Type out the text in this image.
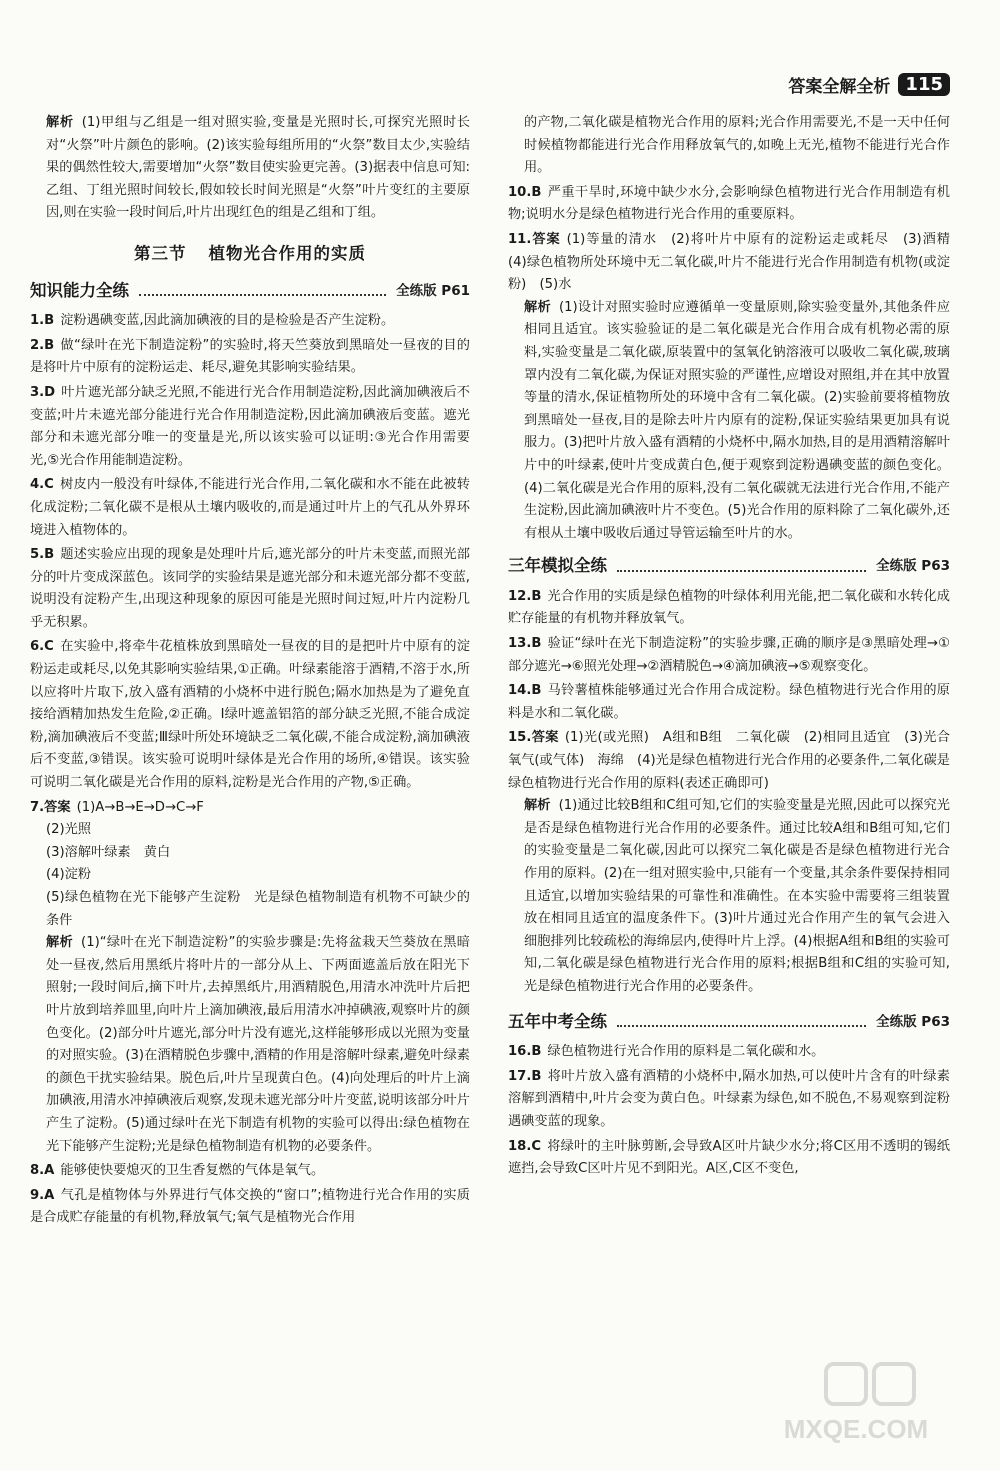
答案全解全析 115

解析 (1)甲组与乙组是一组对照实验,变量是光照时长,可探究光照时长对“火祭”叶片颜色的影响。(2)该实验每组所用的“火祭”数目太少,实验结果的偶然性较大,需要增加“火祭”数目使实验更完善。(3)据表中信息可知:乙组、丁组光照时间较长,假如较长时间光照是“火祭”叶片变红的主要原因,则在实验一段时间后,叶片出现红色的组是乙组和丁组。

第三节 植物光合作用的实质
知识能力全练	全练版 P61

1.B 淀粉遇碘变蓝,因此滴加碘液的目的是检验是否产生淀粉。

2.B 做“绿叶在光下制造淀粉”的实验时,将天竺葵放到黑暗处一昼夜的目的是将叶片中原有的淀粉运走、耗尽,避免其影响实验结果。

3.D 叶片遮光部分缺乏光照,不能进行光合作用制造淀粉,因此滴加碘液后不变蓝;叶片未遮光部分能进行光合作用制造淀粉,因此滴加碘液后变蓝。遮光部分和未遮光部分唯一的变量是光,所以该实验可以证明:③光合作用需要光,⑤光合作用能制造淀粉。

4.C 树皮内一般没有叶绿体,不能进行光合作用,二氧化碳和水不能在此被转化成淀粉;二氧化碳不是根从土壤内吸收的,而是通过叶片上的气孔从外界环境进入植物体的。

5.B 题述实验应出现的现象是处理叶片后,遮光部分的叶片未变蓝,而照光部分的叶片变成深蓝色。该同学的实验结果是遮光部分和未遮光部分都不变蓝,说明没有淀粉产生,出现这种现象的原因可能是光照时间过短,叶片内淀粉几乎无积累。

6.C 在实验中,将牵牛花植株放到黑暗处一昼夜的目的是把叶片中原有的淀粉运走或耗尽,以免其影响实验结果,①正确。叶绿素能溶于酒精,不溶于水,所以应将叶片取下,放入盛有酒精的小烧杯中进行脱色;隔水加热是为了避免直接给酒精加热发生危险,②正确。Ⅰ绿叶遮盖铝箔的部分缺乏光照,不能合成淀粉,滴加碘液后不变蓝;Ⅲ绿叶所处环境缺乏二氧化碳,不能合成淀粉,滴加碘液后不变蓝,③错误。该实验可说明叶绿体是光合作用的场所,④错误。该实验可说明二氧化碳是光合作用的原料,淀粉是光合作用的产物,⑤正确。

7.答案 (1)A→B→E→D→C→F

(2)光照

(3)溶解叶绿素　黄白

(4)淀粉

(5)绿色植物在光下能够产生淀粉　光是绿色植物制造有机物不可缺少的条件

解析 (1)“绿叶在光下制造淀粉”的实验步骤是:先将盆栽天竺葵放在黑暗处一昼夜,然后用黑纸片将叶片的一部分从上、下两面遮盖后放在阳光下照射;一段时间后,摘下叶片,去掉黑纸片,用酒精脱色,用清水冲洗叶片后把叶片放到培养皿里,向叶片上滴加碘液,最后用清水冲掉碘液,观察叶片的颜色变化。(2)部分叶片遮光,部分叶片没有遮光,这样能够形成以光照为变量的对照实验。(3)在酒精脱色步骤中,酒精的作用是溶解叶绿素,避免叶绿素的颜色干扰实验结果。脱色后,叶片呈现黄白色。(4)向处理后的叶片上滴加碘液,用清水冲掉碘液后观察,发现未遮光部分叶片变蓝,说明该部分叶片产生了淀粉。(5)通过绿叶在光下制造有机物的实验可以得出:绿色植物在光下能够产生淀粉;光是绿色植物制造有机物的必要条件。

8.A 能够使快要熄灭的卫生香复燃的气体是氧气。

9.A 气孔是植物体与外界进行气体交换的“窗口”;植物进行光合作用的实质是合成贮存能量的有机物,释放氧气;氧气是植物光合作用

的产物,二氧化碳是植物光合作用的原料;光合作用需要光,不是一天中任何时候植物都能进行光合作用释放氧气的,如晚上无光,植物不能进行光合作用。

10.B 严重干旱时,环境中缺少水分,会影响绿色植物进行光合作用制造有机物;说明水分是绿色植物进行光合作用的重要原料。

11.答案 (1)等量的清水　(2)将叶片中原有的淀粉运走或耗尽　(3)酒精　(4)绿色植物所处环境中无二氧化碳,叶片不能进行光合作用制造有机物(或淀粉)　(5)水

解析 (1)设计对照实验时应遵循单一变量原则,除实验变量外,其他条件应相同且适宜。该实验验证的是二氧化碳是光合作用合成有机物必需的原料,实验变量是二氧化碳,原装置中的氢氧化钠溶液可以吸收二氧化碳,玻璃罩内没有二氧化碳,为保证对照实验的严谨性,应增设对照组,并在其中放置等量的清水,保证植物所处的环境中含有二氧化碳。(2)实验前要将植物放到黑暗处一昼夜,目的是除去叶片内原有的淀粉,保证实验结果更加具有说服力。(3)把叶片放入盛有酒精的小烧杯中,隔水加热,目的是用酒精溶解叶片中的叶绿素,使叶片变成黄白色,便于观察到淀粉遇碘变蓝的颜色变化。(4)二氧化碳是光合作用的原料,没有二氧化碳就无法进行光合作用,不能产生淀粉,因此滴加碘液叶片不变色。(5)光合作用的原料除了二氧化碳外,还有根从土壤中吸收后通过导管运输至叶片的水。

三年模拟全练	全练版 P63

12.B 光合作用的实质是绿色植物的叶绿体利用光能,把二氧化碳和水转化成贮存能量的有机物并释放氧气。

13.B 验证“绿叶在光下制造淀粉”的实验步骤,正确的顺序是③黑暗处理→①部分遮光→⑥照光处理→②酒精脱色→④滴加碘液→⑤观察变化。

14.B 马铃薯植株能够通过光合作用合成淀粉。绿色植物进行光合作用的原料是水和二氧化碳。

15.答案 (1)光(或光照)　A组和B组　二氧化碳　(2)相同且适宜　(3)光合　氧气(或气体)　海绵　(4)光是绿色植物进行光合作用的必要条件,二氧化碳是绿色植物进行光合作用的原料(表述正确即可)

解析 (1)通过比较B组和C组可知,它们的实验变量是光照,因此可以探究光是否是绿色植物进行光合作用的必要条件。通过比较A组和B组可知,它们的实验变量是二氧化碳,因此可以探究二氧化碳是否是绿色植物进行光合作用的原料。(2)在一组对照实验中,只能有一个变量,其余条件要保持相同且适宜,以增加实验结果的可靠性和准确性。在本实验中需要将三组装置放在相同且适宜的温度条件下。(3)叶片通过光合作用产生的氧气会进入细胞排列比较疏松的海绵层内,使得叶片上浮。(4)根据A组和B组的实验可知,二氧化碳是绿色植物进行光合作用的原料;根据B组和C组的实验可知,光是绿色植物进行光合作用的必要条件。

五年中考全练	全练版 P63

16.B 绿色植物进行光合作用的原料是二氧化碳和水。

17.B 将叶片放入盛有酒精的小烧杯中,隔水加热,可以使叶片含有的叶绿素溶解到酒精中,叶片会变为黄白色。叶绿素为绿色,如不脱色,不易观察到淀粉遇碘变蓝的现象。

18.C 将绿叶的主叶脉剪断,会导致A区叶片缺少水分;将C区用不透明的锡纸遮挡,会导致C区叶片见不到阳光。A区,C区不变色,

MXQE.COM
